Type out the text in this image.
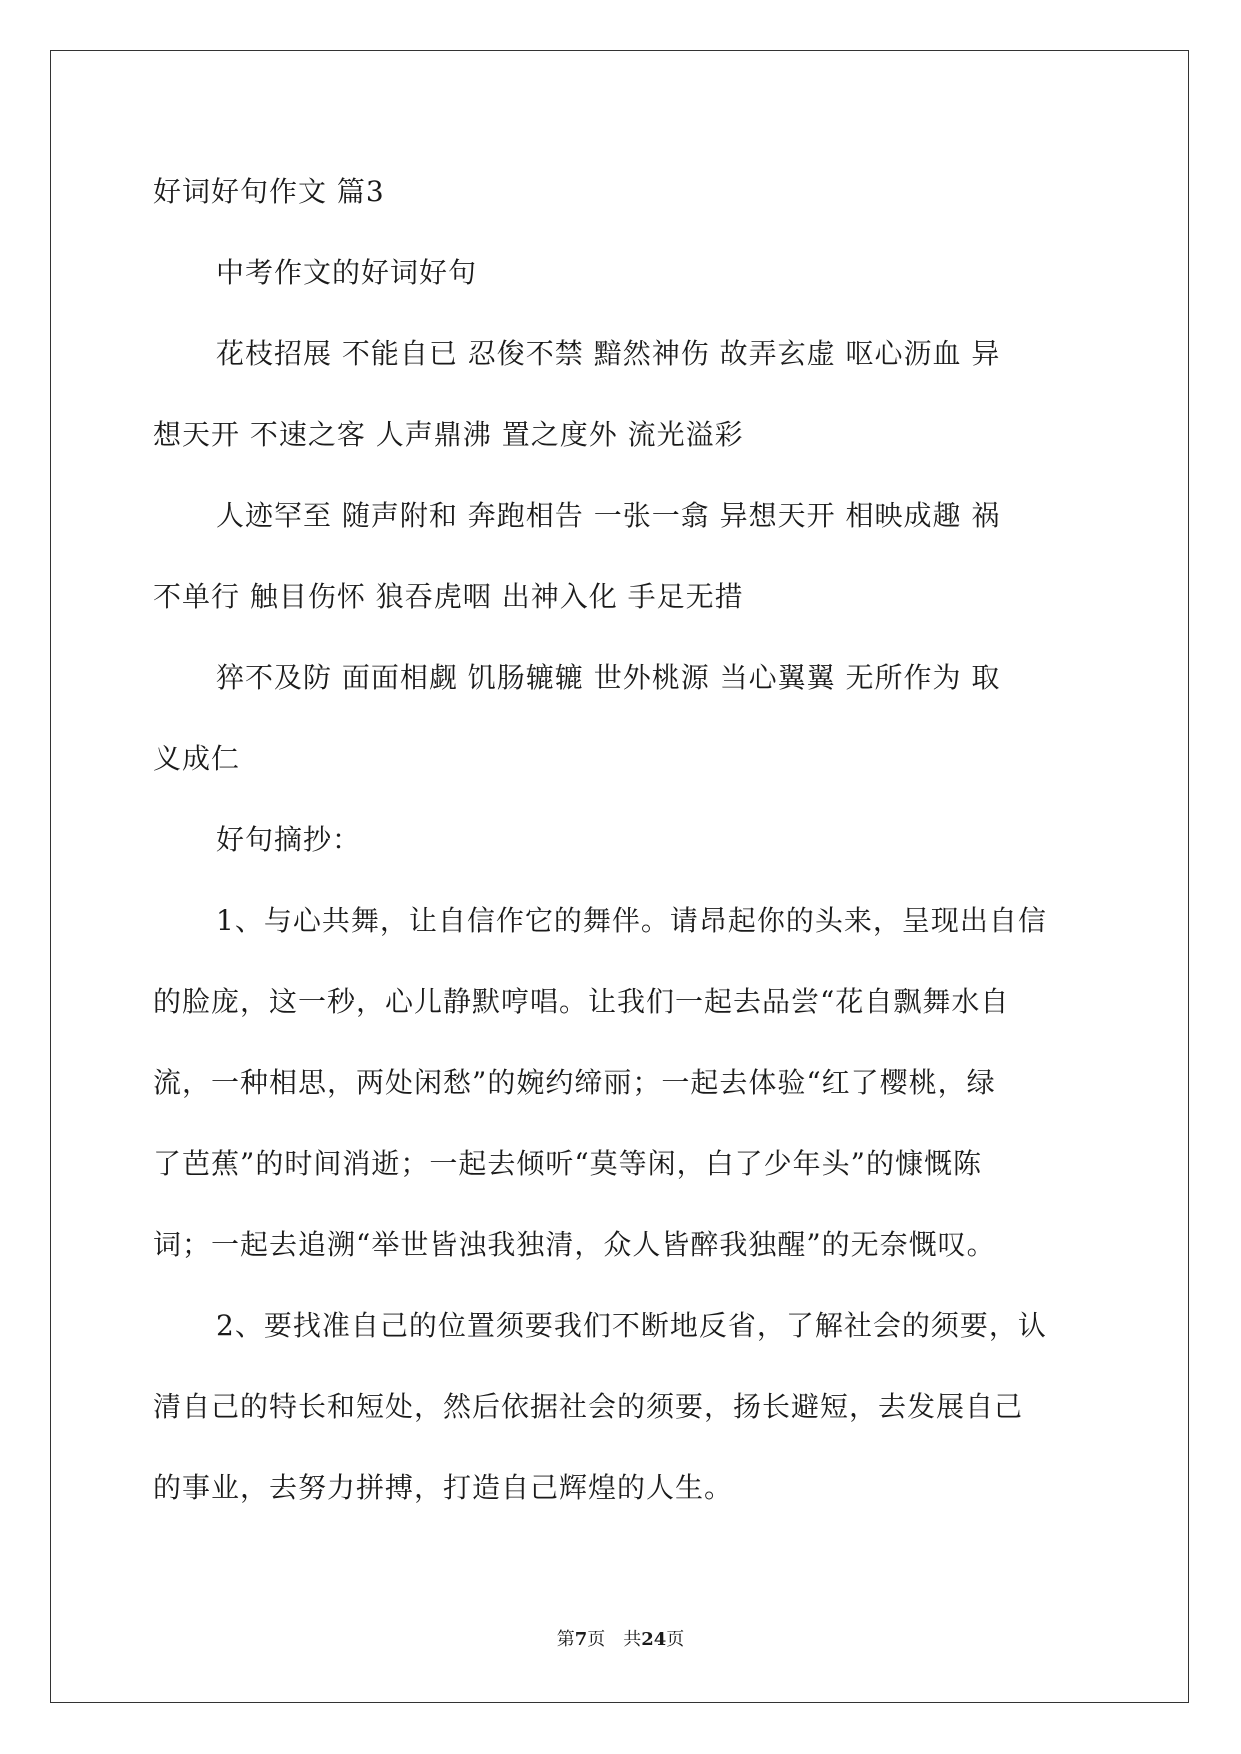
好词好句作文 篇3
中考作文的好词好句
花枝招展 不能自已 忍俊不禁 黯然神伤 故弄玄虚 呕心沥血 异
想天开 不速之客 人声鼎沸 置之度外 流光溢彩
人迹罕至 随声附和 奔跑相告 一张一翕 异想天开 相映成趣 祸
不单行 触目伤怀 狼吞虎咽 出神入化 手足无措
猝不及防 面面相觑 饥肠辘辘 世外桃源 当心翼翼 无所作为 取
义成仁
好句摘抄：
1、与心共舞，让自信作它的舞伴。请昂起你的头来，呈现出自信
的脸庞，这一秒，心儿静默哼唱。让我们一起去品尝“花自飘舞水自
流，一种相思，两处闲愁”的婉约缔丽；一起去体验“红了樱桃，绿
了芭蕉”的时间消逝；一起去倾听“莫等闲，白了少年头”的慷慨陈
词；一起去追溯“举世皆浊我独清，众人皆醉我独醒”的无奈慨叹。
2、要找准自己的位置须要我们不断地反省，了解社会的须要，认
清自己的特长和短处，然后依据社会的须要，扬长避短，去发展自己
的事业，去努力拼搏，打造自己辉煌的人生。
第7页 共24页
